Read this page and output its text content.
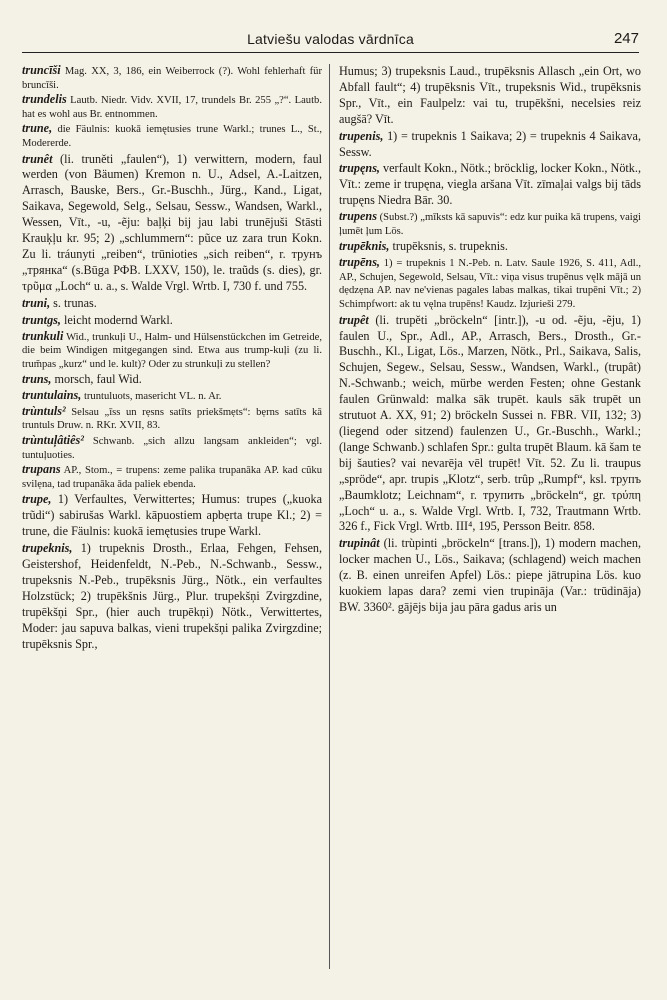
Latviešu valodas vārdnīca	247

truncīši Mag. XX, 3, 186, ein Weiberrock (?). Wohl fehlerhaft für bruncīši.

trundelis Lautb. Niedr. Vidv. XVII, 17, trundels Br. 255 „?“. Lautb. hat es wohl aus Br. entnommen.

trune, die Fäulnis: kuokā iemętusies trune Warkl.; trunes L., St., Modererde.

trunêt (li. truněti „faulen“), 1) verwittern, modern, faul werden (von Bäumen) Kremon n. U., Adsel, A.-Laitzen, Arrasch, Bauske, Bers., Gr.-Buschh., Jürg., Kand., Ligat, Saikava, Segewold, Selg., Selsau, Sessw., Wandsen, Warkl., Wessen, Vīt., -u, -ẽju: baļķi bij jau labi trunējuši Stāsti Krauķļu kr. 95; 2) „schlummern“: pũce uz zara trun Kokn. Zu li. tráunyti „reiben“, trūnioties „sich reiben“, r. трунъ „трянка“ (s.Būga РФВ. LXXV, 150), le. traũds (s. dies), gr. τρῦμα „Loch“ u. a., s. Walde Vrgl. Wrtb. I, 730 f. und 755.

truni, s. trunas.

truntgs, leicht modernd Warkl.

trunkuli Wid., trunkuļi U., Halm- und Hülsenstückchen im Getreide, die beim Windigen mitgegangen sind. Etwa aus trump-kuļi (zu li. trum̃pas „kurz“ und le. kult)? Oder zu strunkuļi zu stellen?

truns, morsch, faul Wid.

truntulains, truntuluots, masericht VL. n. Ar.

trùntuls² Selsau „īss un rẹsns satīts priekšmẹts“: bẹrns satīts kā truntuls Druw. n. RKr. XVII, 83.

trùntuļâtiês² Schwanb. „sich allzu langsam ankleiden“; vgl. tuntuļuoties.

trupans AP., Stom., = trupens: zeme palika trupanāka AP. kad cũku svilẹna, tad trupanāka āda paliek ebenda.

trupe, 1) Verfaultes, Verwittertes; Humus: trupes („kuoka trũdi“) sabirušas Warkl. kāpuostiem apbẹrta trupe Kl.; 2) = trune, die Fäulnis: kuokā iemętusies trupe Warkl.

trupeknis, 1) trupeknis Drosth., Erlaa, Fehgen, Fehsen, Geistershof, Heidenfeldt, N.-Peb., N.-Schwanb., Sessw., trupeksnis N.-Peb., trupēksnis Jürg., Nötk., ein verfaultes Holzstück; 2) trupēkšnis Jürg., Plur. trupekšņi Zvirgzdine, trupēkšņi Spr., (hier auch trupēkņi) Nötk., Verwittertes, Moder: jau sapuva balkas, vieni trupekšņi palika Zvirgzdine; trupēksnis Spr.,

Humus; 3) trupeksnis Laud., trupēksnis Allasch „ein Ort, wo Abfall fault“; 4) trupēksnis Vīt., trupeksnis Wid., trupēksnis Spr., Vīt., ein Faulpelz: vai tu, trupēkšni, necelsies reiz augšā? Vīt.

trupenis, 1) = trupeknis 1 Saikava; 2) = trupeknis 4 Saikava, Sessw.

trupęns, verfault Kokn., Nötk.; bröcklig, locker Kokn., Nötk., Vīt.: zeme ir trupęna, viegla aršana Vīt. zīmaļai valgs bij tāds trupęns Niedra Bār. 30.

trupens (Subst.?) „mīksts kā sapuvis“: edz kur puika kā trupens, vaigi ļumēt ļum Lös.

trupēknis, trupēksnis, s. trupeknis.

trupēns, 1) = trupeknis 1 N.-Peb. n. Latv. Saule 1926, S. 411, Adl., AP., Schujen, Segewold, Selsau, Vīt.: viņa visus trupēnus vęlk mājā un dẹdzẹna AP. nav ne'vienas pagales labas malkas, tikai trupēni Vīt.; 2) Schimpfwort: ak tu vęlna trupēns! Kaudz. Izjurieši 279.

trupêt (li. trupěti „bröckeln“ [intr.]), -u od. -ẽju, -ẽju, 1) faulen U., Spr., Adl., AP., Arrasch, Bers., Drosth., Gr.-Buschh., Kl., Ligat, Lös., Marzen, Nötk., Prl., Saikava, Salis, Schujen, Segew., Selsau, Sessw., Wandsen, Warkl., (trupât) N.-Schwanb.; weich, mürbe werden Festen; ohne Gestank faulen Grünwald: malka sāk trupēt. kauls sāk trupēt un strutuot A. XX, 91; 2) bröckeln Sussei n. FBR. VII, 132; 3) (liegend oder sitzend) faulenzen U., Gr.-Buschh., Warkl.; (lange Schwanb.) schlafen Spr.: gulta trupēt Blaum. kā šam te bij šauties? vai nevarēja vēl trupēt! Vīt. 52. Zu li. traupus „spröde“, apr. trupis „Klotz“, serb. trûp „Rumpf“, ksl. трупъ „Baumklotz; Leichnam“, r. трупить „bröckeln“, gr. τρύπη „Loch“ u. a., s. Walde Vrgl. Wrtb. I, 732, Trautmann Wrtb. 326 f., Fick Vrgl. Wrtb. III⁴, 195, Persson Beitr. 858.

trupinât (li. trùpinti „bröckeln“ [trans.]), 1) modern machen, locker machen U., Lös., Saikava; (schlagend) weich machen (z. B. einen unreifen Apfel) Lös.: piepe jātrupina Lös. kuo kuokiem lapas dara? zemi vien trupināja (Var.: trūdināja) BW. 3360². gājējs bija jau pāra gadus aris un
